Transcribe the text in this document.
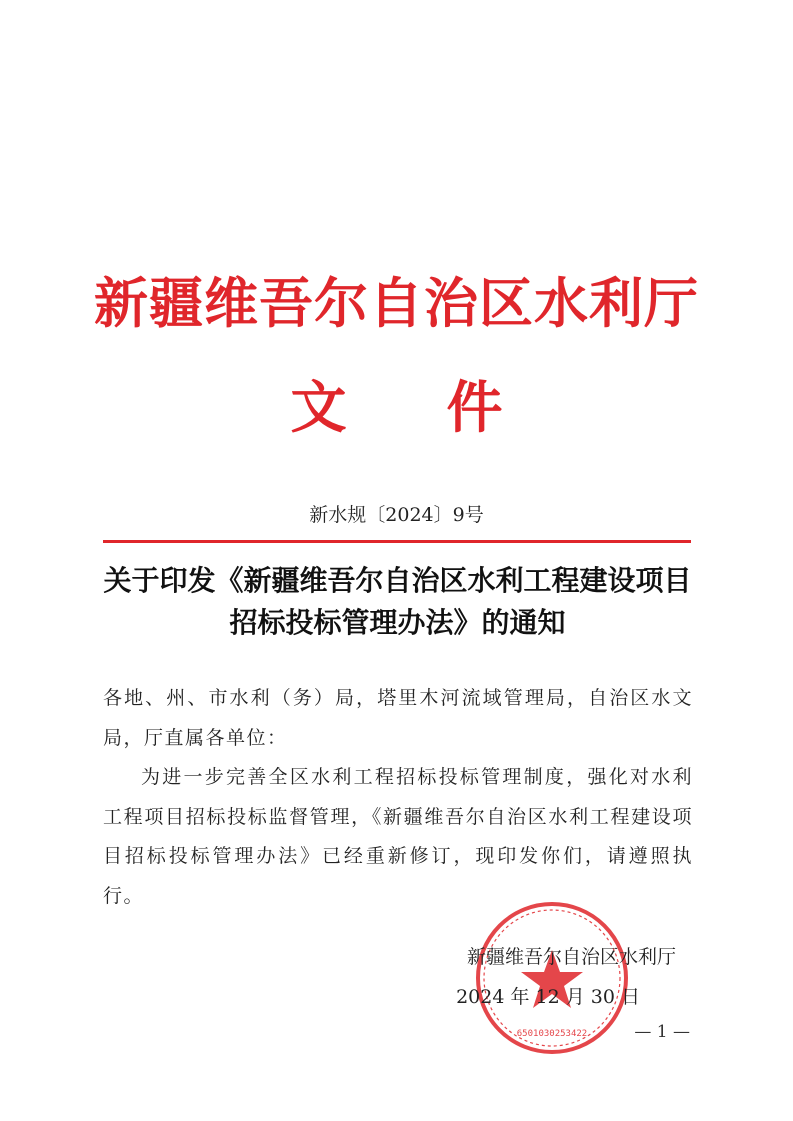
新疆维吾尔自治区水利厅
文件
新水规〔2024〕9号
关于印发《新疆维吾尔自治区水利工程建设项目招标投标管理办法》的通知
各地、州、市水利（务）局，塔里木河流域管理局，自治区水文局，厅直属各单位：
为进一步完善全区水利工程招标投标管理制度，强化对水利工程项目招标投标监督管理，《新疆维吾尔自治区水利工程建设项目招标投标管理办法》已经重新修订，现印发你们，请遵照执行。
6501030253422
新疆维吾尔自治区水利厅
2024 年 12 月 30 日
— 1 —
